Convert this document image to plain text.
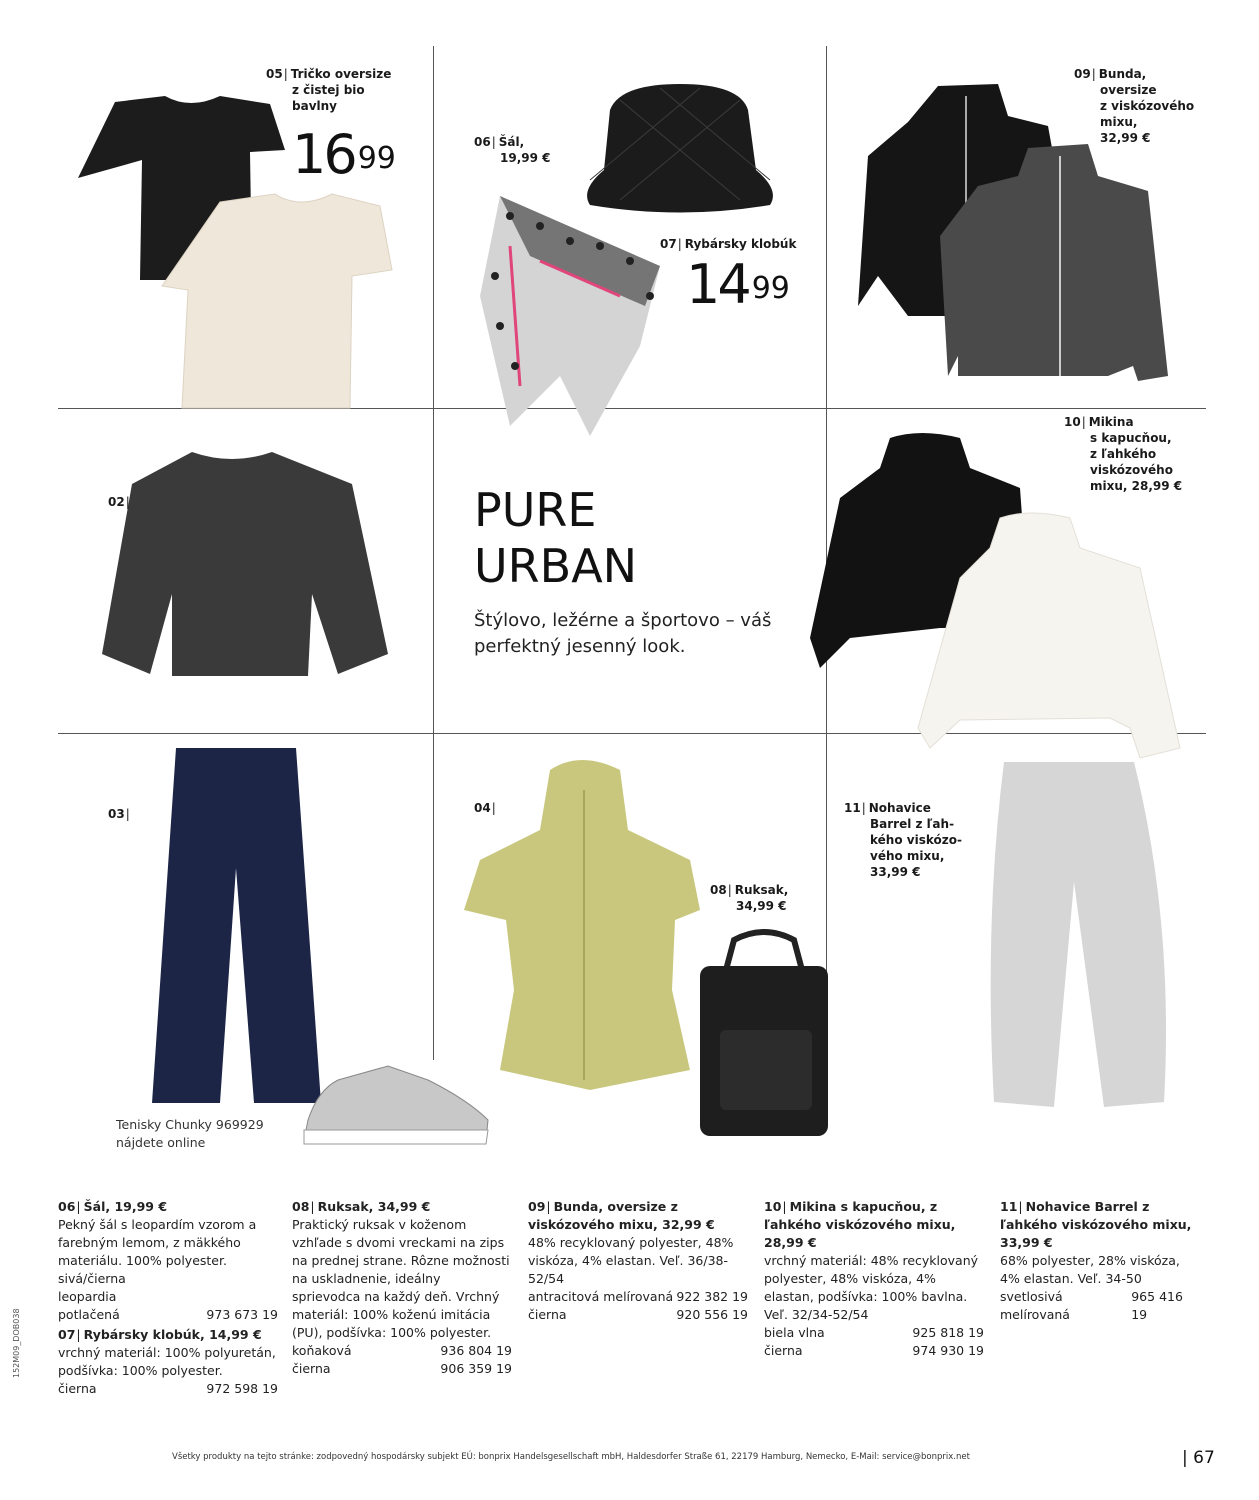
05| Tričko oversize
z čistej bio
bavlny
16 $^{99}$	06| Šál,
19,99 €
07| Rybársky klobúk
14 $^{99}$
09| Bunda,
oversize
z viskózového
mixu,
32,99 €
02|
10| Mikina
s kapucňou,
z ľahkého
viskózového
mixu, 28,99 €
03|	04|
08| Ruksak,
34,99 €
11| Nohavice
Barrel z ľah-
kého viskózo-
vého mixu,
33,99 €
PURE
URBAN
Štýlovo, ležérne a športovo – váš perfektný jesenný look.
Tenisky Chunky 969929
nájdete online
06| Šál, 19,99 €
Pekný šál s leopardím vzorom a farebným lemom, z mäkkého materiálu. 100% polyester.
sivá/čierna
leopardia
potlačená	973 673 19
07| Rybársky klobúk, 14,99 €
vrchný materiál: 100% polyuretán, podšívka: 100% polyester.
čierna	972 598 19
08| Ruksak, 34,99 €
Praktický ruksak v koženom vzhľade s dvomi vreckami na zips na prednej strane. Rôzne možnosti na uskladnenie, ideálny sprievodca na každý deň. Vrchný materiál: 100% koženú imitácia (PU), podšívka: 100% polyester.
koňaková	936 804 19
čierna	906 359 19
09| Bunda, oversize z viskózového mixu, 32,99 €
48% recyklovaný polyester, 48% viskóza, 4% elastan. Veľ. 36/38-52/54
antracitová melírovaná 922 382 19
čierna	920 556 19
10| Mikina s kapucňou, z ľahkého viskózového mixu, 28,99 €
vrchný materiál: 48% recyklovaný polyester, 48% viskóza, 4% elastan, podšívka: 100% bavlna. Veľ. 32/34-52/54
biela vlna	925 818 19
čierna	974 930 19
11| Nohavice Barrel z ľahkého viskózového mixu, 33,99 €
68% polyester, 28% viskóza, 4% elastan. Veľ. 34-50
svetlosivá melírovaná
965 416 19
Všetky produkty na tejto stránke: zodpovedný hospodársky subjekt EÚ: bonprix Handelsgesellschaft mbH, Haldesdorfer Straße 61, 22179 Hamburg, Nemecko, E-Mail: service@bonprix.net	| 67
152M09_DOB038
